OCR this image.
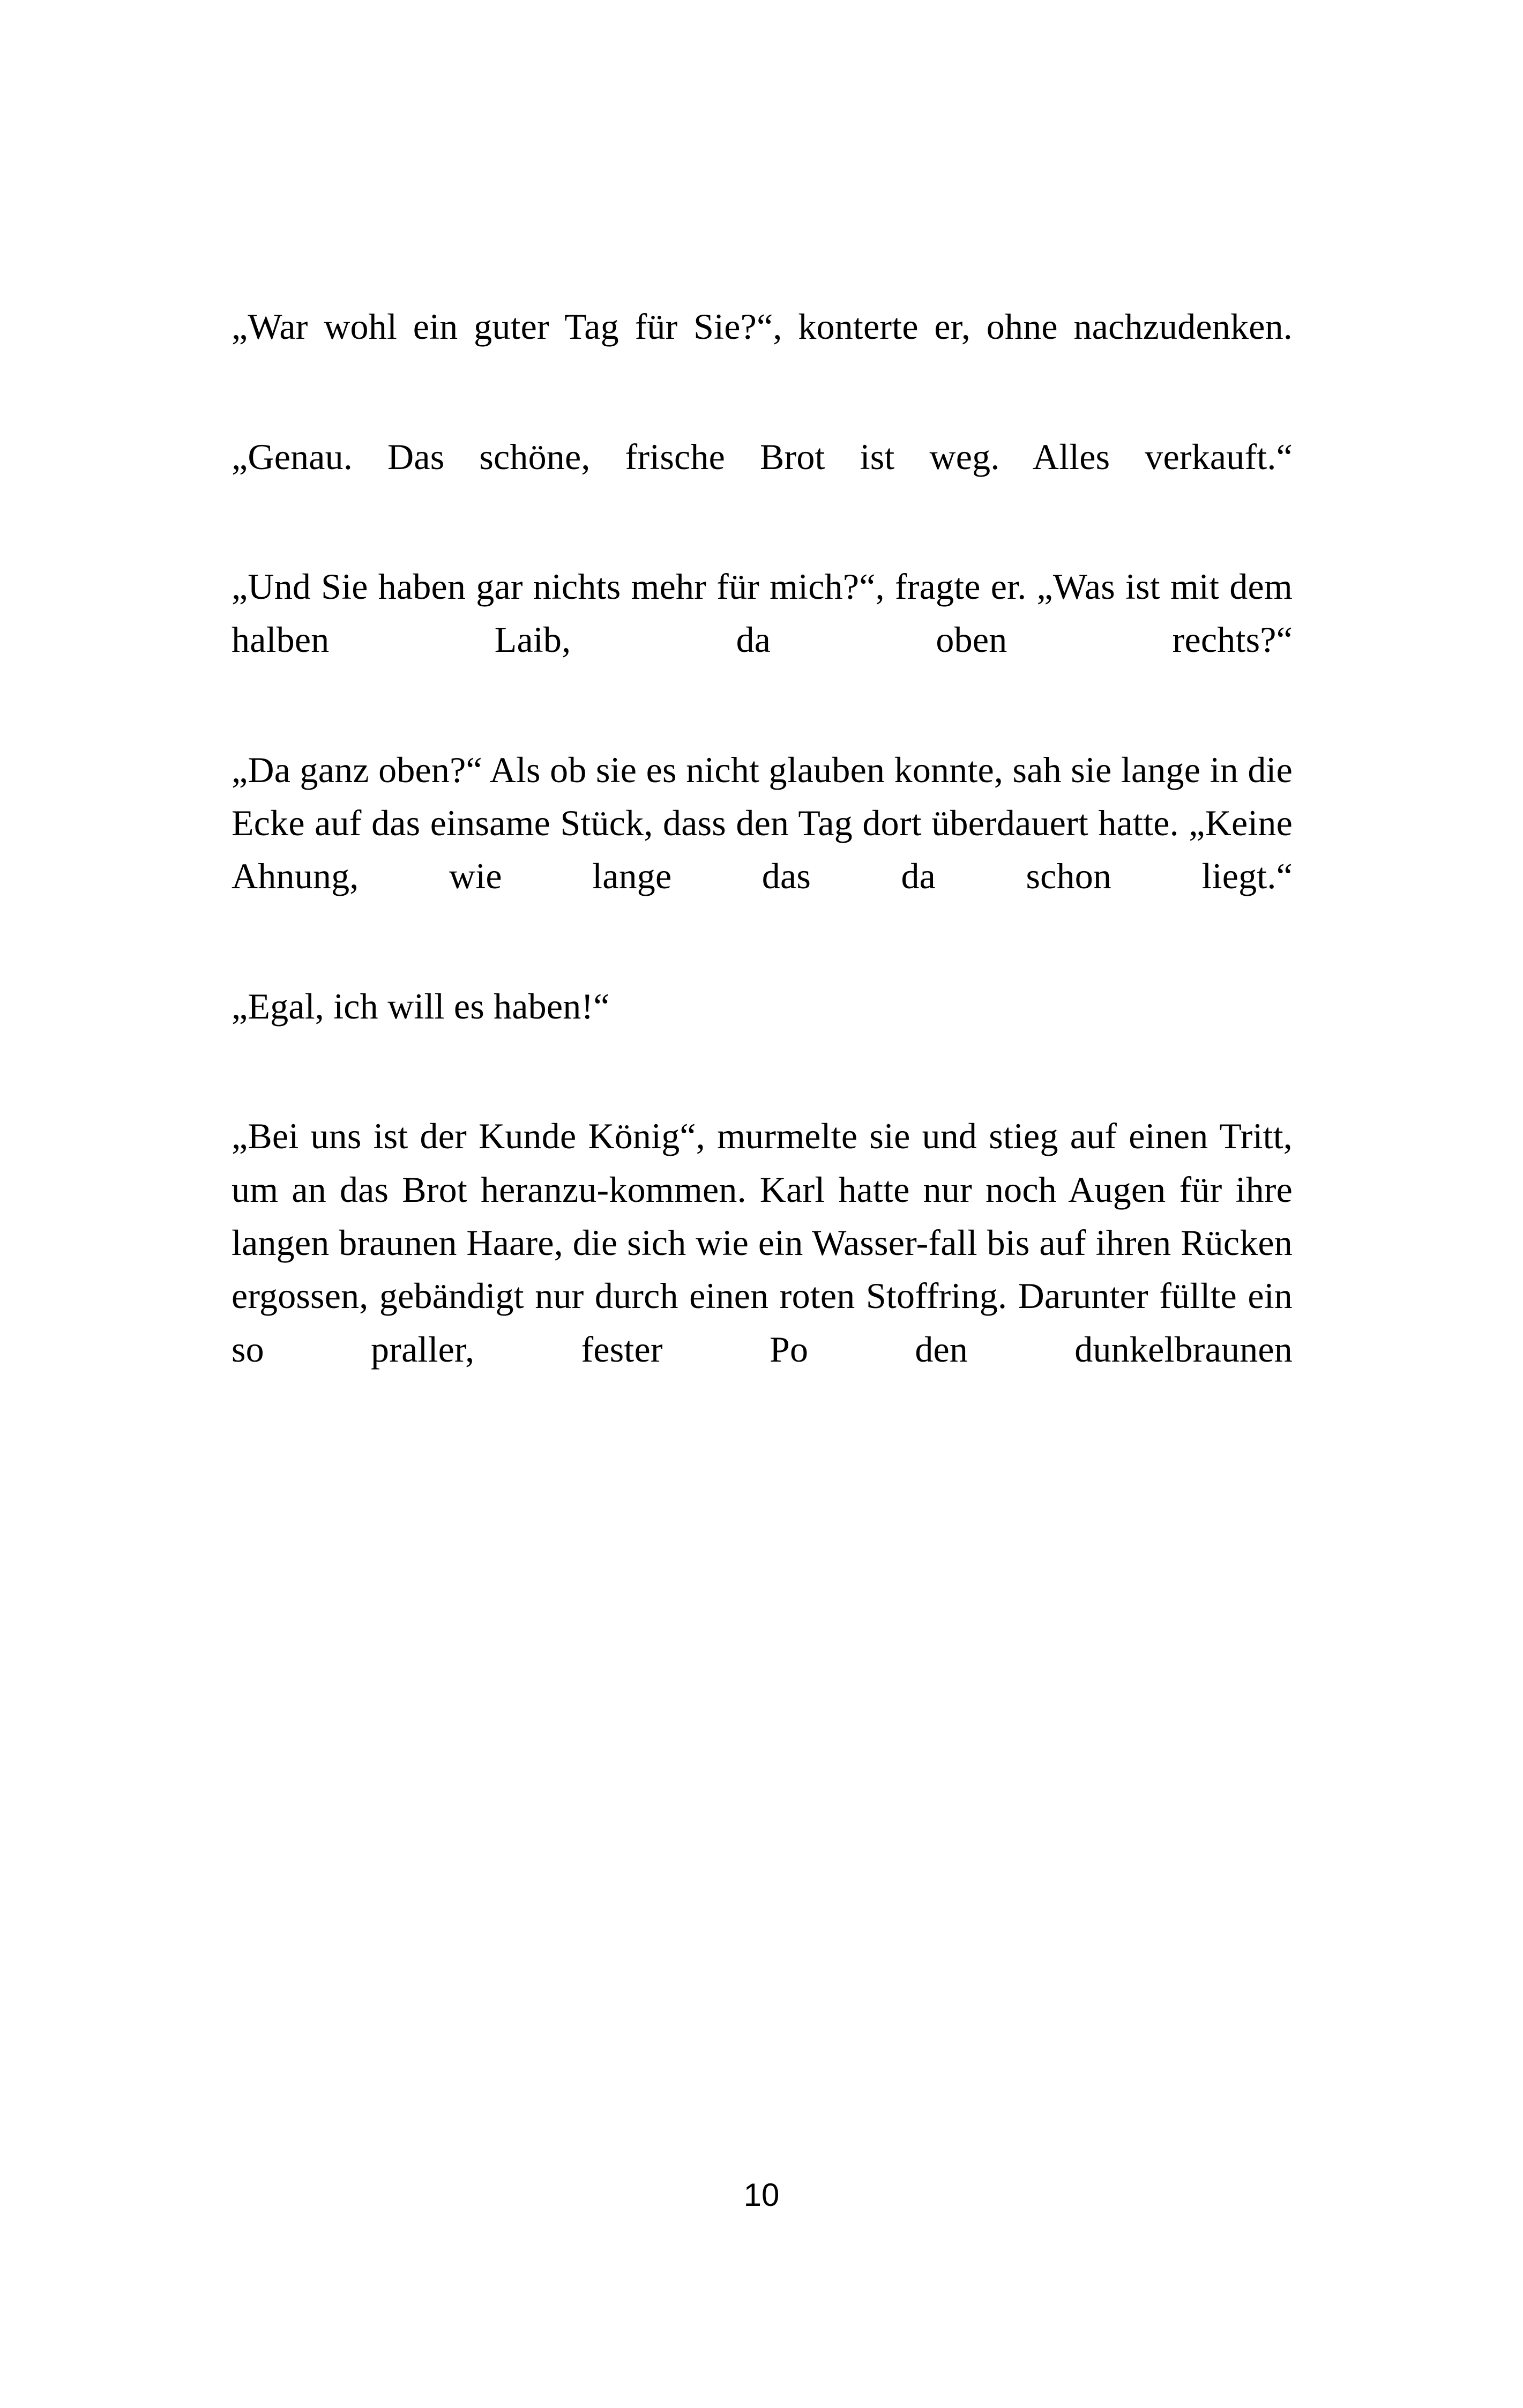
„War wohl ein guter Tag für Sie?“, konterte er, ohne nachzudenken.

„Genau. Das schöne, frische Brot ist weg. Alles verkauft.“

„Und Sie haben gar nichts mehr für mich?“, fragte er. „Was ist mit dem halben Laib, da oben rechts?“

„Da ganz oben?“ Als ob sie es nicht glauben konnte, sah sie lange in die Ecke auf das einsame Stück, dass den Tag dort überdauert hatte. „Keine Ahnung, wie lange das da schon liegt.“

„Egal, ich will es haben!“

„Bei uns ist der Kunde König“, murmelte sie und stieg auf einen Tritt, um an das Brot heranzu-kommen. Karl hatte nur noch Augen für ihre langen braunen Haare, die sich wie ein Wasser-fall bis auf ihren Rücken ergossen, gebändigt nur durch einen roten Stoffring. Darunter füllte ein so praller, fester Po den dunkelbraunen

10
